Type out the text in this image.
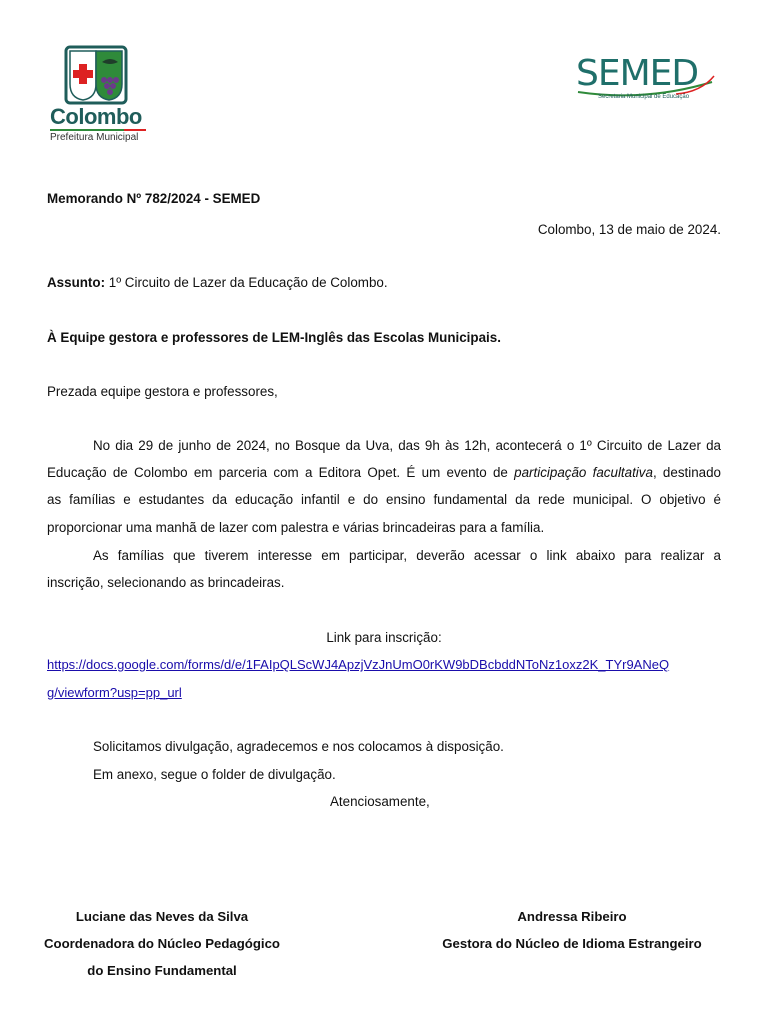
Colombo
Prefeitura Municipal
SEMED
Secretaria Municipal de Educação
Memorando Nº 782/2024 - SEMED
Colombo, 13 de maio de 2024.
Assunto: 1º Circuito de Lazer da Educação de Colombo.
À Equipe gestora e professores de LEM-Inglês das Escolas Municipais.
Prezada equipe gestora e professores,
No dia 29 de junho de 2024, no Bosque da Uva, das 9h às 12h, acontecerá o 1º Circuito de Lazer da
Educação de Colombo em parceria com a Editora Opet. É um evento de participação facultativa, destinado
as famílias e estudantes da educação infantil e do ensino fundamental da rede municipal. O objetivo é
proporcionar uma manhã de lazer com palestra e várias brincadeiras para a família.
As famílias que tiverem interesse em participar, deverão acessar o link abaixo para realizar a
inscrição, selecionando as brincadeiras.
Link para inscrição:
https://docs.google.com/forms/d/e/1FAIpQLScWJ4ApzjVzJnUmO0rKW9bDBcbddNToNz1oxz2K_TYr9ANeQ
g/viewform?usp=pp_url
Solicitamos divulgação, agradecemos e nos colocamos à disposição.
Em anexo, segue o folder de divulgação.
Atenciosamente,
Luciane das Neves da Silva
Coordenadora do Núcleo Pedagógico
do Ensino Fundamental
Andressa Ribeiro
Gestora do Núcleo de Idioma Estrangeiro
